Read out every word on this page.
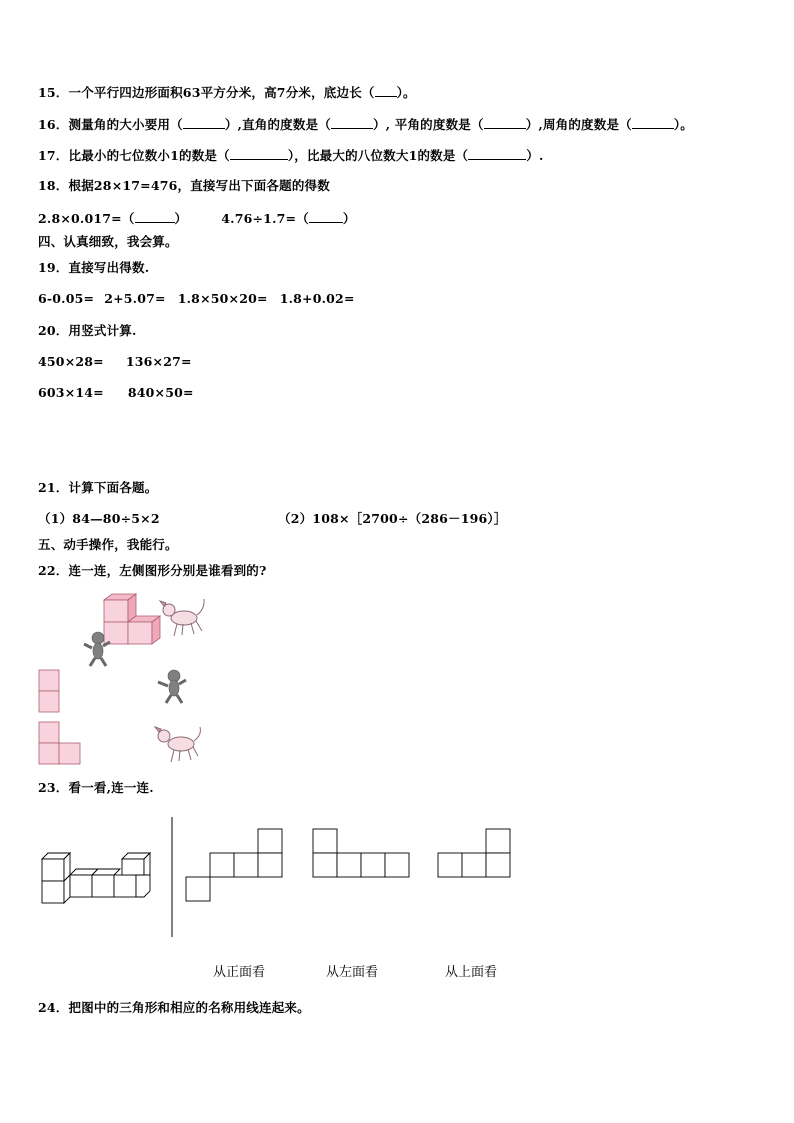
15．一个平行四边形面积63平方分米，高7分米，底边长（ ）。
16．测量角的大小要用（	）,直角的度数是（	）, 平角的度数是（	）,周角的度数是（	）。
17．比最小的七位数小1的数是（	），比最大的八位数大1的数是（	）.
18．根据28×17=476，直接写出下面各题的得数
2.8×0.017=（	）	4.76÷1.7=（	）
四、认真细致，我会算。
19．直接写出得数.
6-0.05= 2+5.07= 1.8×50×20= 1.8+0.02=
20．用竖式计算.
450×28= 136×27=
603×14= 840×50=
21．计算下面各题。
（1）84—80÷5×2	（2）108×［2700÷（286－196）］
五、动手操作，我能行。
22．连一连，左侧图形分别是谁看到的?
23．看一看,连一连.
从正面看	从左面看	从上面看
24．把图中的三角形和相应的名称用线连起来。
